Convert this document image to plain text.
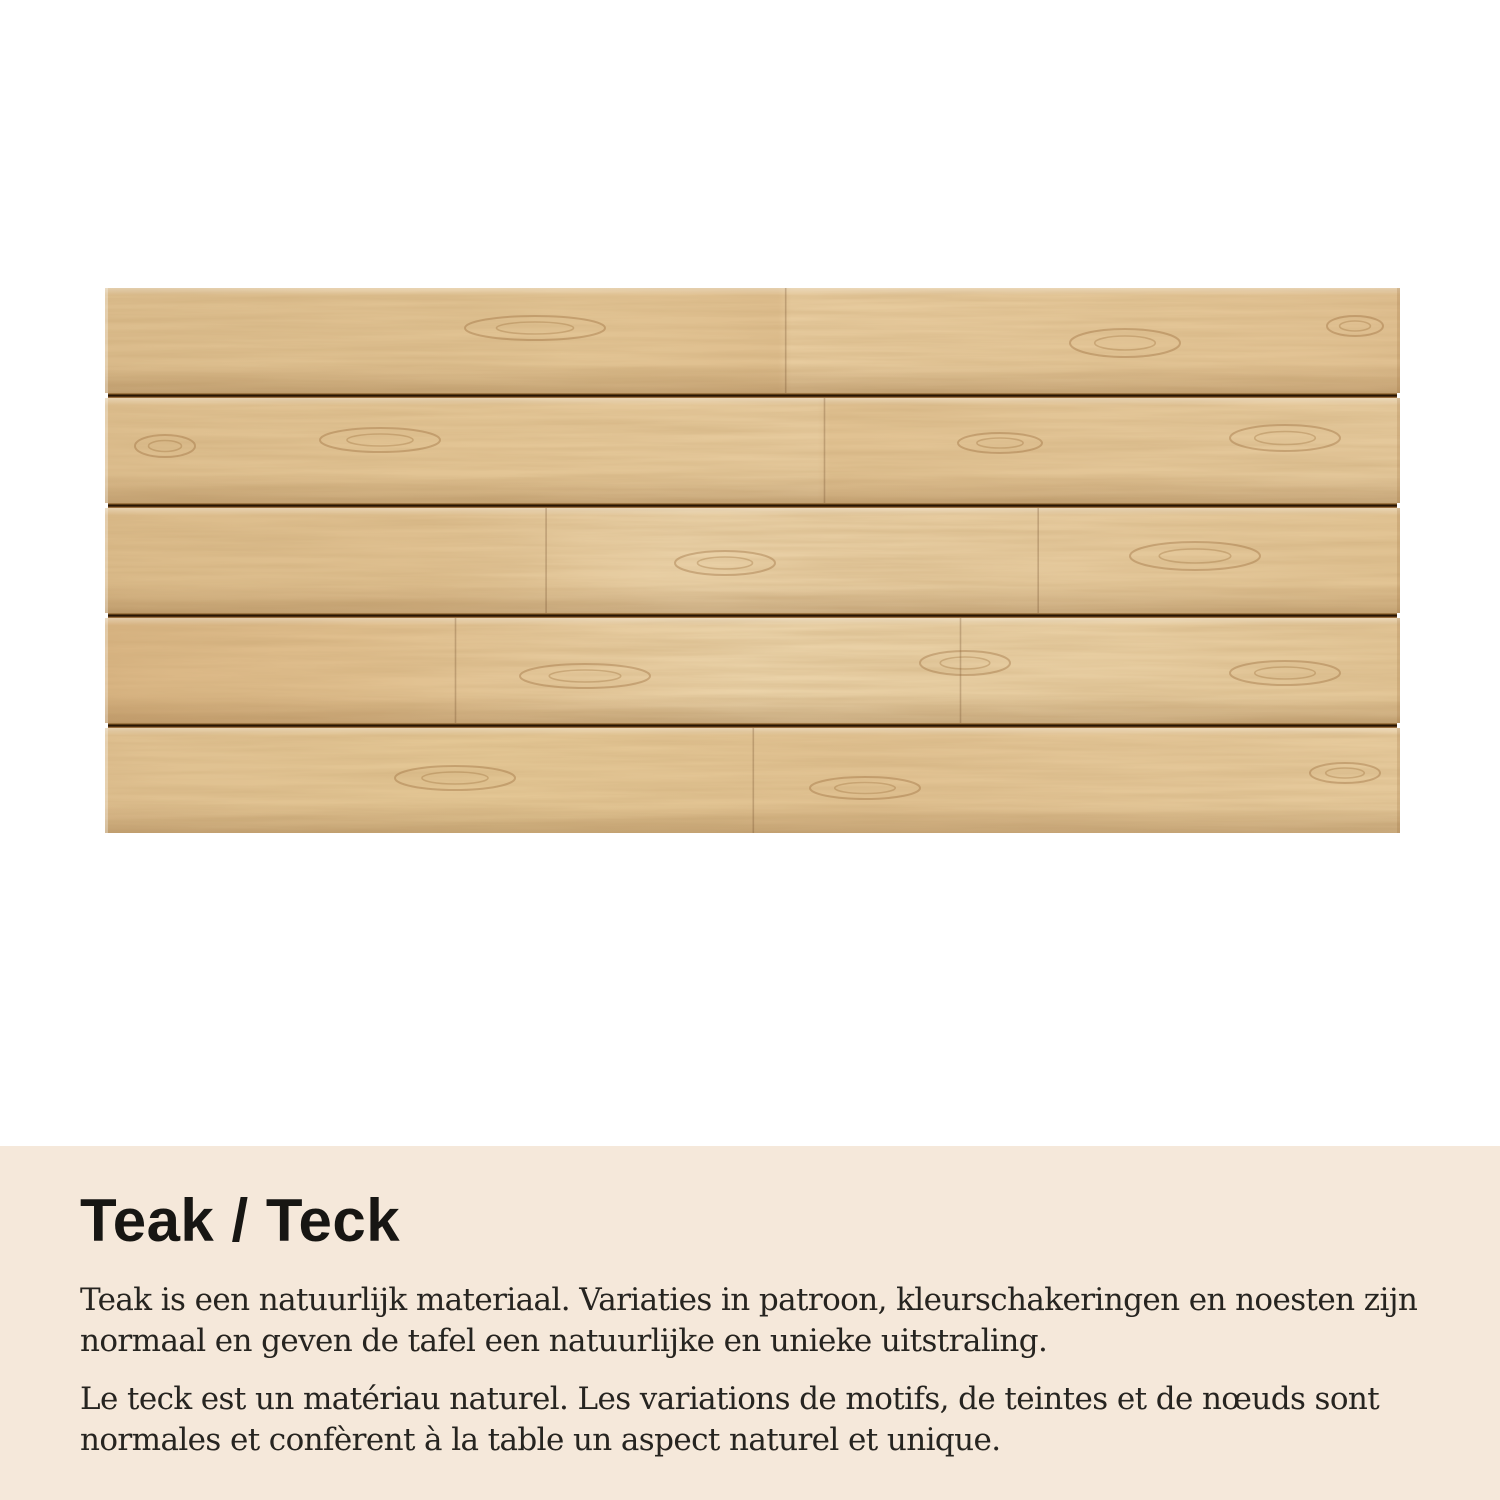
Teak / Teck
Teak is een natuurlijk materiaal. Variaties in patroon, kleurschakeringen en noesten zijn
normaal en geven de tafel een natuurlijke en unieke uitstraling.
Le teck est un matériau naturel. Les variations de motifs, de teintes et de nœuds sont
normales et confèrent à la table un aspect naturel et unique.
